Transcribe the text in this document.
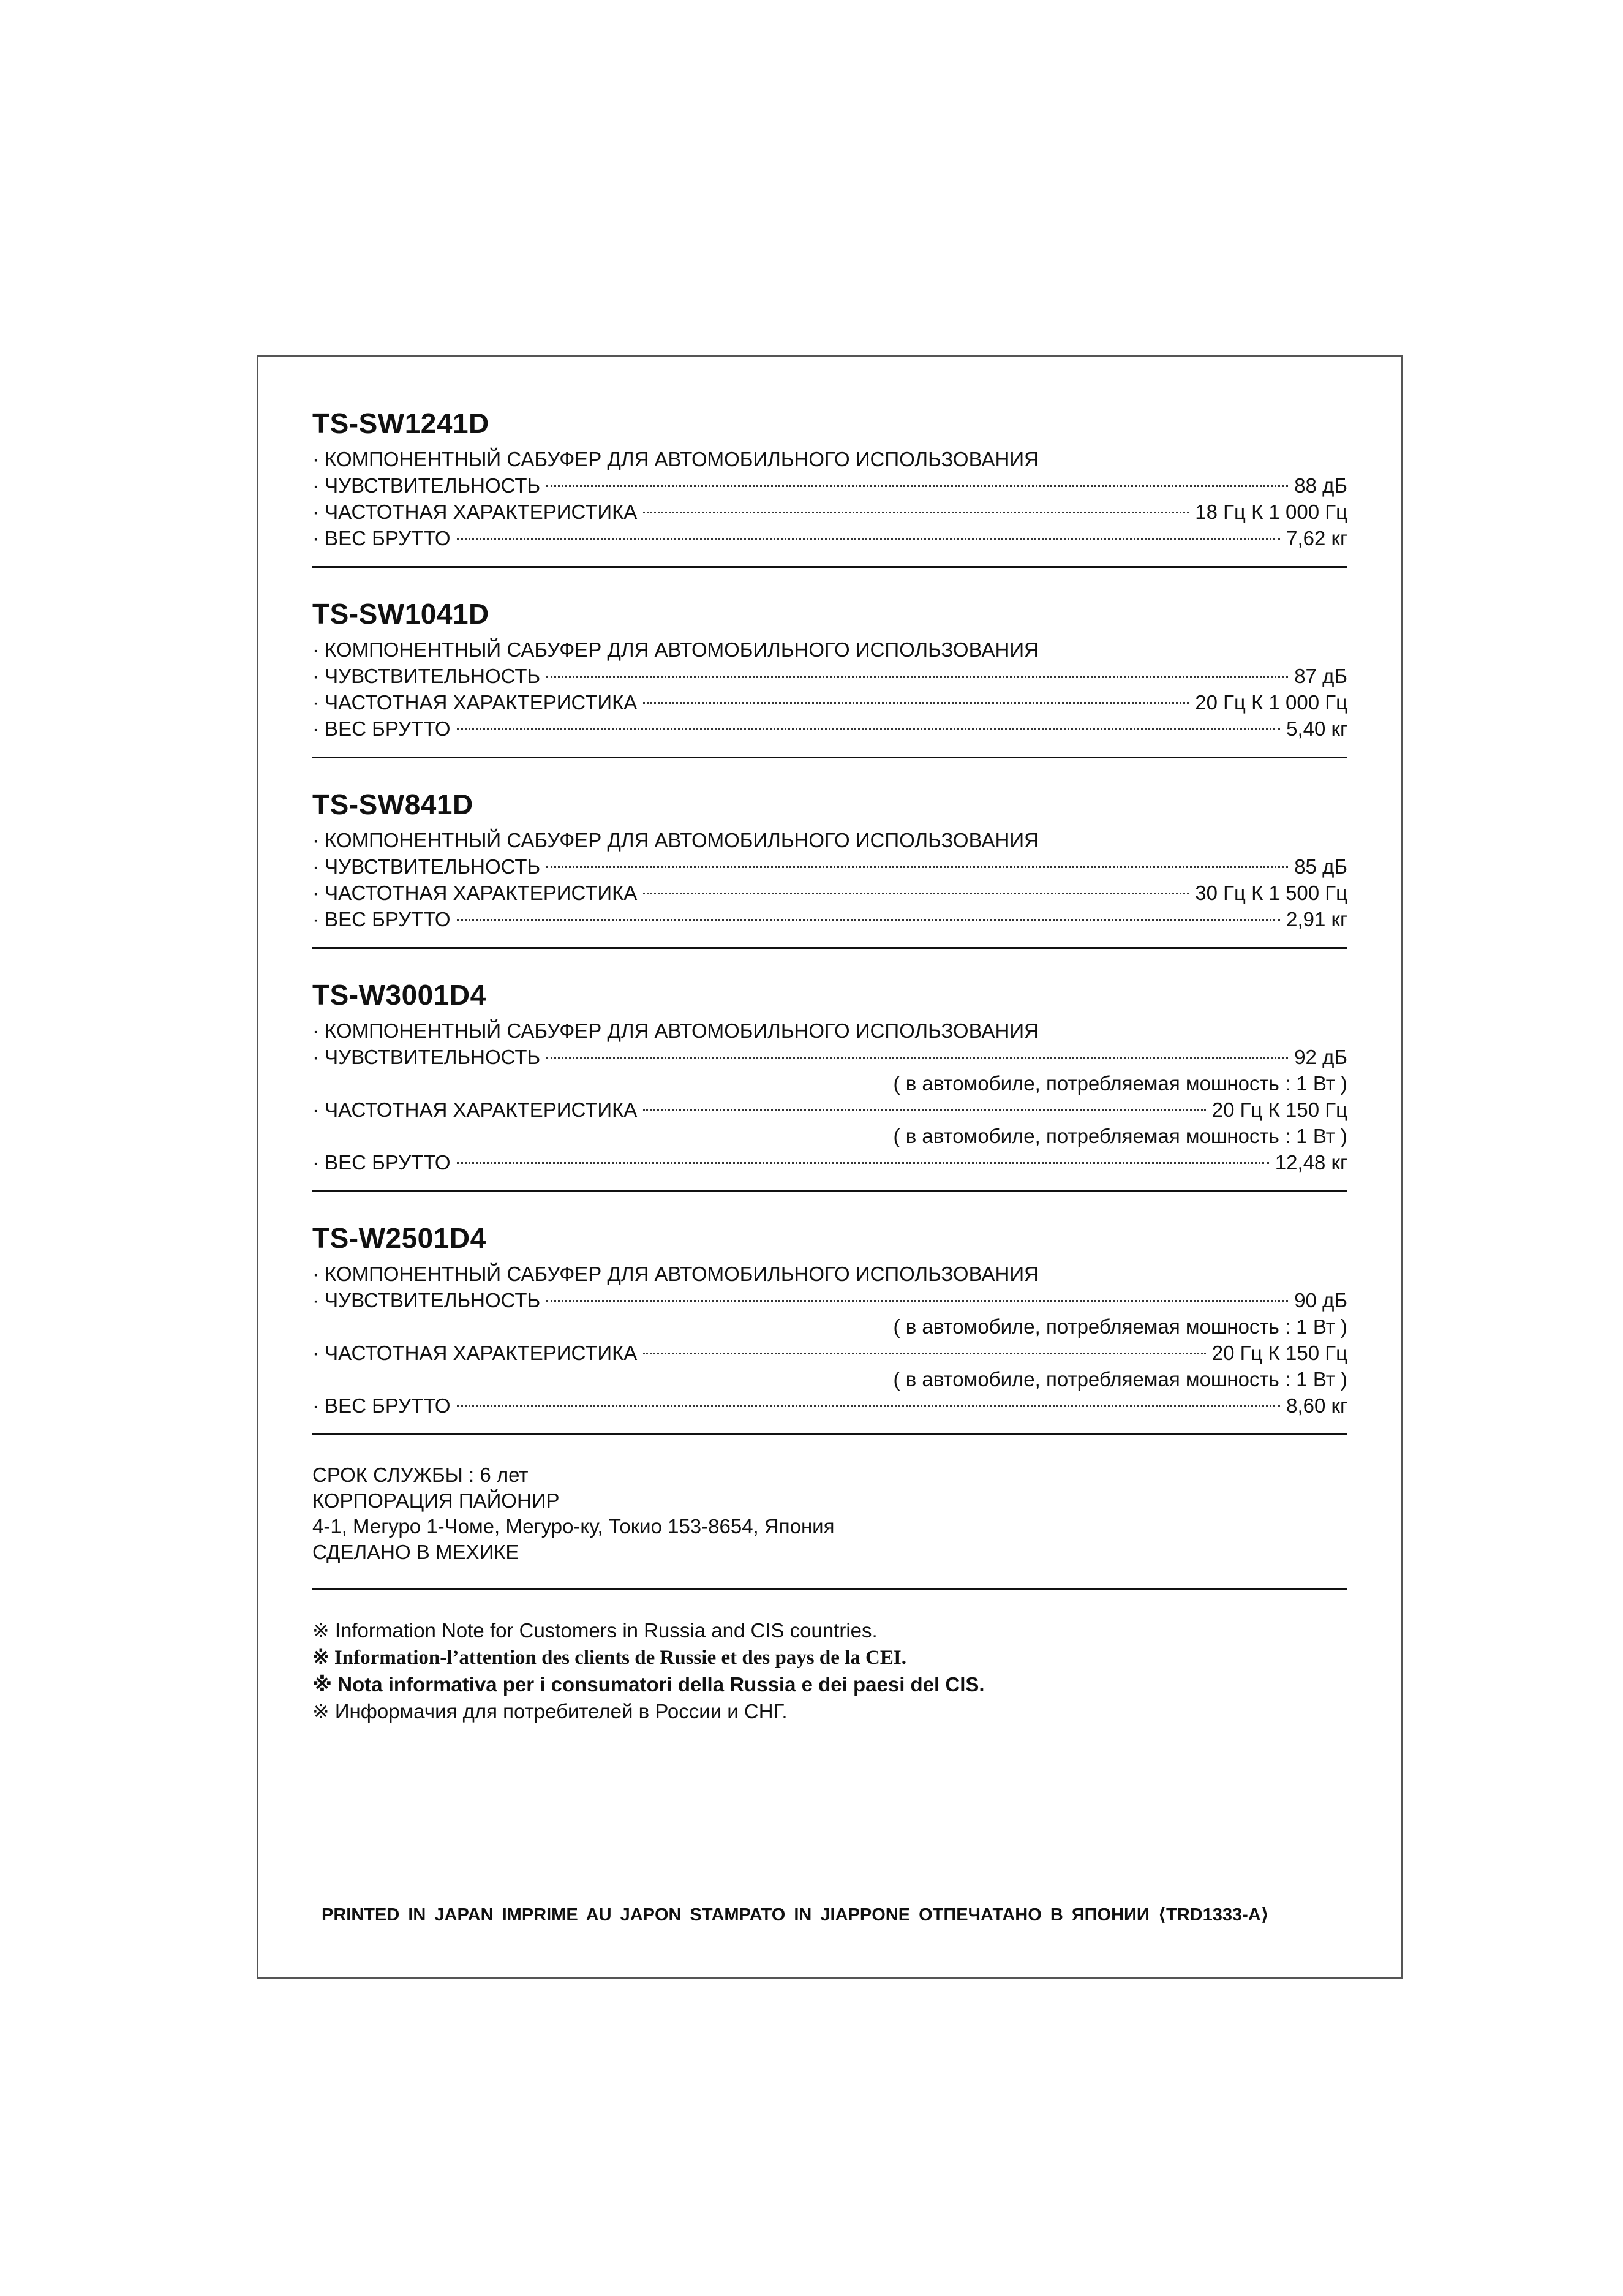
TS-SW1241D
· КОМПОНЕНТНЫЙ САБУФЕР ДЛЯ АВТОМОБИЛЬНОГО ИСПОЛЬЗОВАНИЯ
· ЧУВСТВИТЕЛЬНОСТЬ	88 дБ
· ЧАСТОТНАЯ ХАРАКТЕРИСТИКА	18 Гц К 1 000 Гц
· ВЕС БРУТТО	7,62 кг
TS-SW1041D
· КОМПОНЕНТНЫЙ САБУФЕР ДЛЯ АВТОМОБИЛЬНОГО ИСПОЛЬЗОВАНИЯ
· ЧУВСТВИТЕЛЬНОСТЬ	87 дБ
· ЧАСТОТНАЯ ХАРАКТЕРИСТИКА	20 Гц К 1 000 Гц
· ВЕС БРУТТО	5,40 кг
TS-SW841D
· КОМПОНЕНТНЫЙ САБУФЕР ДЛЯ АВТОМОБИЛЬНОГО ИСПОЛЬЗОВАНИЯ
· ЧУВСТВИТЕЛЬНОСТЬ	85 дБ
· ЧАСТОТНАЯ ХАРАКТЕРИСТИКА	30 Гц К 1 500 Гц
· ВЕС БРУТТО	2,91 кг
TS-W3001D4
· КОМПОНЕНТНЫЙ САБУФЕР ДЛЯ АВТОМОБИЛЬНОГО ИСПОЛЬЗОВАНИЯ
· ЧУВСТВИТЕЛЬНОСТЬ	92 дБ
( в автомобиле, потребляемая мошность : 1 Вт )
· ЧАСТОТНАЯ ХАРАКТЕРИСТИКА	20 Гц К 150 Гц
( в автомобиле, потребляемая мошность : 1 Вт )
· ВЕС БРУТТО	12,48 кг
TS-W2501D4
· КОМПОНЕНТНЫЙ САБУФЕР ДЛЯ АВТОМОБИЛЬНОГО ИСПОЛЬЗОВАНИЯ
· ЧУВСТВИТЕЛЬНОСТЬ	90 дБ
( в автомобиле, потребляемая мошность : 1 Вт )
· ЧАСТОТНАЯ ХАРАКТЕРИСТИКА	20 Гц К 150 Гц
( в автомобиле, потребляемая мошность : 1 Вт )
· ВЕС БРУТТО	8,60 кг
СРОК СЛУЖБЫ : 6 лет
КОРПОРАЦИЯ ПАЙОНИР
4-1, Мегуро 1-Чоме, Мегуро-ку, Токио 153-8654, Япония
СДЕЛАНО В МЕХИКЕ
※ Information Note for Customers in Russia and CIS countries.
※ Information-l’attention des clients de Russie et des pays de la CEI.
※ Nota informativa per i consumatori della Russia e dei paesi del CIS.
※ Информачия для потребителей в России и СНГ.
PRINTED IN JAPAN IMPRIME AU JAPON STAMPATO IN JIAPPONE ОТПЕЧАТАНО В ЯПОНИИ ⟨TRD1333-A⟩
